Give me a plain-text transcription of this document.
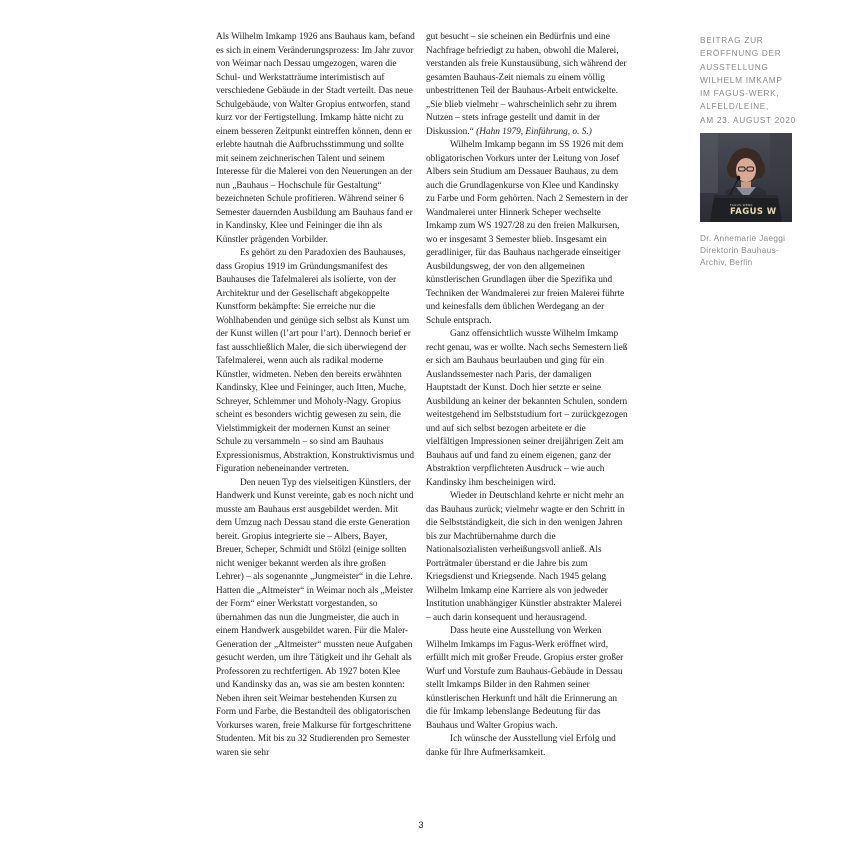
Als Wilhelm Imkamp 1926 ans Bauhaus kam, befand es sich in einem Veränderungsprozess: Im Jahr zuvor von Weimar nach Dessau umgezogen, waren die Schul- und Werkstatträume interimistisch auf verschiedene Gebäude in der Stadt verteilt. Das neue Schulgebäude, von Walter Gropius entworfen, stand kurz vor der Fertigstellung. Imkamp hätte nicht zu einem besseren Zeitpunkt eintreffen können, denn er erlebte hautnah die Aufbruchsstimmung und sollte mit seinem zeichnerischen Talent und seinem Interesse für die Malerei von den Neuerungen an der nun „Bauhaus – Hochschule für Gestaltung“ bezeichneten Schule profitieren. Während seiner 6 Semester dauernden Ausbildung am Bauhaus fand er in Kandinsky, Klee und Feininger die ihn als Künstler prägenden Vorbilder.

Es gehört zu den Paradoxien des Bauhauses, dass Gropius 1919 im Gründungsmanifest des Bauhauses die Tafelmalerei als isolierte, von der Architektur und der Gesellschaft abgekoppelte Kunstform bekämpfte: Sie erreiche nur die Wohlhabenden und genüge sich selbst als Kunst um der Kunst willen (l’art pour l’art). Dennoch berief er fast ausschließlich Maler, die sich überwiegend der Tafelmalerei, wenn auch als radikal moderne Künstler, widmeten. Neben den bereits erwähnten Kandinsky, Klee und Feininger, auch Itten, Muche, Schreyer, Schlemmer und Moholy-Nagy. Gropius scheint es besonders wichtig gewesen zu sein, die Vielstimmigkeit der modernen Kunst an seiner Schule zu versammeln – so sind am Bauhaus Expressionismus, Abstraktion, Konstruktivismus und Figuration nebeneinander vertreten.

Den neuen Typ des vielseitigen Künstlers, der Handwerk und Kunst vereinte, gab es noch nicht und musste am Bauhaus erst ausgebildet werden. Mit dem Umzug nach Dessau stand die erste Generation bereit. Gropius integrierte sie – Albers, Bayer, Breuer, Scheper, Schmidt und Stölzl (einige sollten nicht weniger bekannt werden als ihre großen Lehrer) – als sogenannte „Jungmeister“ in die Lehre. Hatten die „Altmeister“ in Weimar noch als „Meister der Form“ einer Werkstatt vorgestanden, so übernahmen das nun die Jungmeister, die auch in einem Handwerk ausgebildet waren. Für die Maler-Generation der „Altmeister“ mussten neue Aufgaben gesucht werden, um ihre Tätigkeit und ihr Gehalt als Professoren zu rechtfertigen. Ab 1927 boten Klee und Kandinsky das an, was sie am besten konnten: Neben ihren seit Weimar bestehenden Kursen zu Form und Farbe, die Bestandteil des obligatorischen Vorkurses waren, freie Malkurse für fortgeschrittene Studenten. Mit bis zu 32 Studierenden pro Semester waren sie sehr

gut besucht – sie scheinen ein Bedürfnis und eine Nachfrage befriedigt zu haben, obwohl die Malerei, verstanden als freie Kunstausübung, sich während der gesamten Bauhaus-Zeit niemals zu einem völlig unbestrittenen Teil der Bauhaus-Arbeit entwickelte. „Sie blieb vielmehr – wahrscheinlich sehr zu ihrem Nutzen – stets infrage gestellt und damit in der Diskussion.“ (Hahn 1979, Einführung, o. S.)

Wilhelm Imkamp begann im SS 1926 mit dem obligatorischen Vorkurs unter der Leitung von Josef Albers sein Studium am Dessauer Bauhaus, zu dem auch die Grundlagenkurse von Klee und Kandinsky zu Farbe und Form gehörten. Nach 2 Semestern in der Wandmalerei unter Hinnerk Scheper wechselte Imkamp zum WS 1927/28 zu den freien Malkursen, wo er insgesamt 3 Semester blieb. Insgesamt ein geradliniger, für das Bauhaus nachgerade einseitiger Ausbildungsweg, der von den allgemeinen künstlerischen Grundlagen über die Spezifika und Techniken der Wandmalerei zur freien Malerei führte und keinesfalls dem üblichen Werdegang an der Schule entsprach.

Ganz offensichtlich wusste Wilhelm Imkamp recht genau, was er wollte. Nach sechs Semestern ließ er sich am Bauhaus beurlauben und ging für ein Auslandssemester nach Paris, der damaligen Hauptstadt der Kunst. Doch hier setzte er seine Ausbildung an keiner der bekannten Schulen, sondern weitestgehend im Selbststudium fort – zurückgezogen und auf sich selbst bezogen arbeitete er die vielfältigen Impressionen seiner dreijährigen Zeit am Bauhaus auf und fand zu einem eigenen, ganz der Abstraktion verpflichteten Ausdruck – wie auch Kandinsky ihm bescheinigen wird.

Wieder in Deutschland kehrte er nicht mehr an das Bauhaus zurück; vielmehr wagte er den Schritt in die Selbstständigkeit, die sich in den wenigen Jahren bis zur Machtübernahme durch die Nationalsozialisten verheißungsvoll anließ. Als Porträtmaler überstand er die Jahre bis zum Kriegsdienst und Kriegsende. Nach 1945 gelang Wilhelm Imkamp eine Karriere als von jedweder Institution unabhängiger Künstler abstrakter Malerei – auch darin konsequent und herausragend.

Dass heute eine Ausstellung von Werken Wilhelm Imkamps im Fagus-Werk eröffnet wird, erfüllt mich mit großer Freude. Gropius erster großer Wurf und Vorstufe zum Bauhaus-Gebäude in Dessau stellt Imkamps Bilder in den Rahmen seiner künstlerischen Herkunft und hält die Erinnerung an die für Imkamp lebenslange Bedeutung für das Bauhaus und Walter Gropius wach.

Ich wünsche der Ausstellung viel Erfolg und danke für Ihre Aufmerksamkeit.

BEITRAG ZUR
ERÖFFNUNG DER
AUSSTELLUNG
WILHELM IMKAMP
IM FAGUS-WERK,
ALFELD/LEINE,
AM 23. AUGUST 2020
FAGUS-WERK
FAGUS W
Dr. Annemarie Jaeggi
Direktorin Bauhaus-
Archiv, Berlin
3
